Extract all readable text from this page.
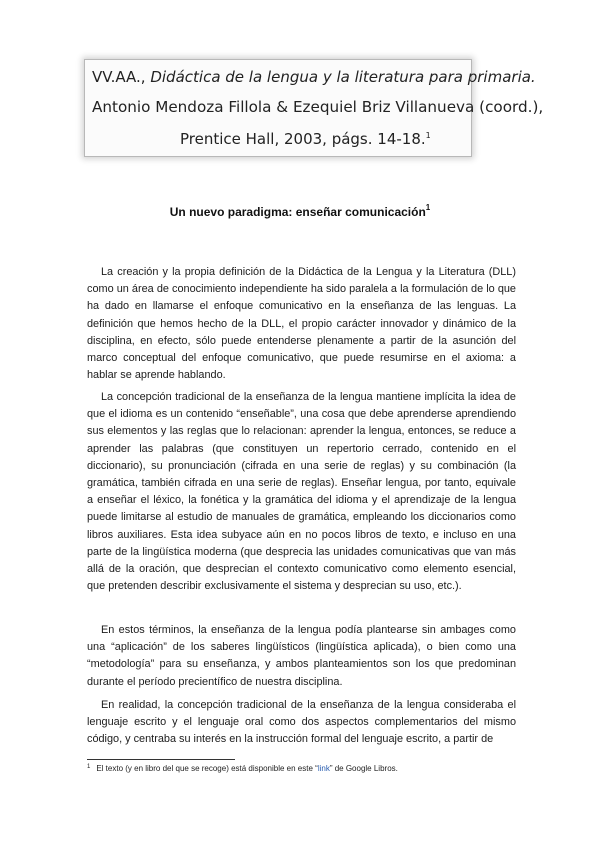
VV.AA., Didáctica de la lengua y la literatura para primaria.
Antonio Mendoza Fillola & Ezequiel Briz Villanueva (coord.),
Prentice Hall, 2003, págs. 14-18.$^1$
Un nuevo paradigma: enseñar comunicación$^1$

La creación y la propia definición de la Didáctica de la Lengua y la Literatura (DLL) como un área de conocimiento independiente ha sido paralela a la formulación de lo que ha dado en llamarse el enfoque comunicativo en la enseñanza de las lenguas. La definición que hemos hecho de la DLL, el propio carácter innovador y dinámico de la disciplina, en efecto, sólo puede entenderse plenamente a partir de la asunción del marco conceptual del enfoque comunicativo, que puede resumirse en el axioma: a hablar se aprende hablando.

La concepción tradicional de la enseñanza de la lengua mantiene implícita la idea de que el idioma es un contenido “enseñable”, una cosa que debe aprenderse aprendiendo sus elementos y las reglas que lo relacionan: aprender la lengua, entonces, se reduce a aprender las palabras (que constituyen un repertorio cerrado, contenido en el diccionario), su pronunciación (cifrada en una serie de reglas) y su combinación (la gramática, también cifrada en una serie de reglas). Enseñar lengua, por tanto, equivale a enseñar el léxico, la fonética y la gramática del idioma y el aprendizaje de la lengua puede limitarse al estudio de manuales de gramática, empleando los diccionarios como libros auxiliares. Esta idea subyace aún en no pocos libros de texto, e incluso en una parte de la lingüística moderna (que desprecia las unidades comunicativas que van más allá de la oración, que desprecian el contexto comunicativo como elemento esencial, que pretenden describir exclusivamente el sistema y desprecian su uso, etc.).

En estos términos, la enseñanza de la lengua podía plantearse sin ambages como una “aplicación” de los saberes lingüísticos (lingüística aplicada), o bien como una “metodología” para su enseñanza, y ambos planteamientos son los que predominan durante el período precientífico de nuestra disciplina.

En realidad, la concepción tradicional de la enseñanza de la lengua consideraba el lenguaje escrito y el lenguaje oral como dos aspectos complementarios del mismo código, y centraba su interés en la instrucción formal del lenguaje escrito, a partir de

$^1$ El texto (y en libro del que se recoge) está disponible en este “link” de Google Libros.
